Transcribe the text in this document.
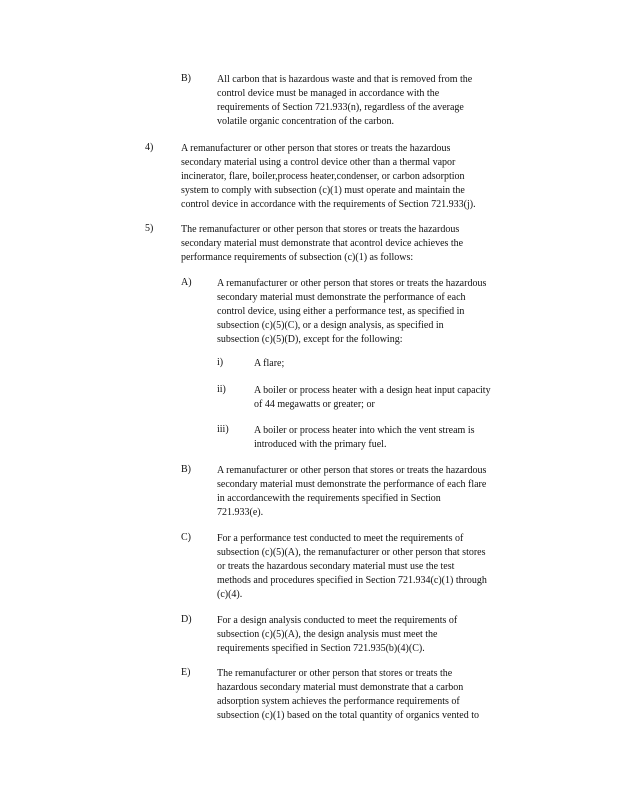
B)	All carbon that is hazardous waste and that is removed from the
control device must be managed in accordance with the
requirements of Section 721.933(n), regardless of the average
volatile organic concentration of the carbon.
4)	A remanufacturer or other person that stores or treats the hazardous
secondary material using a control device other than a thermal vapor
incinerator, flare, boiler,process heater,condenser, or carbon adsorption
system to comply with subsection (c)(1) must operate and maintain the
control device in accordance with the requirements of Section 721.933(j).
5)	The remanufacturer or other person that stores or treats the hazardous
secondary material must demonstrate that acontrol device achieves the
performance requirements of subsection (c)(1) as follows:
A)	A remanufacturer or other person that stores or treats the hazardous
secondary material must demonstrate the performance of each
control device, using either a performance test, as specified in
subsection (c)(5)(C), or a design analysis, as specified in
subsection (c)(5)(D), except for the following:
i)	A flare;
ii)	A boiler or process heater with a design heat input capacity
of 44 megawatts or greater; or
iii)	A boiler or process heater into which the vent stream is
introduced with the primary fuel.
B)	A remanufacturer or other person that stores or treats the hazardous
secondary material must demonstrate the performance of each flare
in accordancewith the requirements specified in Section
721.933(e).
C)	For a performance test conducted to meet the requirements of
subsection (c)(5)(A), the remanufacturer or other person that stores
or treats the hazardous secondary material must use the test
methods and procedures specified in Section 721.934(c)(1) through
(c)(4).
D)	For a design analysis conducted to meet the requirements of
subsection (c)(5)(A), the design analysis must meet the
requirements specified in Section 721.935(b)(4)(C).
E)	The remanufacturer or other person that stores or treats the
hazardous secondary material must demonstrate that a carbon
adsorption system achieves the performance requirements of
subsection (c)(1) based on the total quantity of organics vented to
